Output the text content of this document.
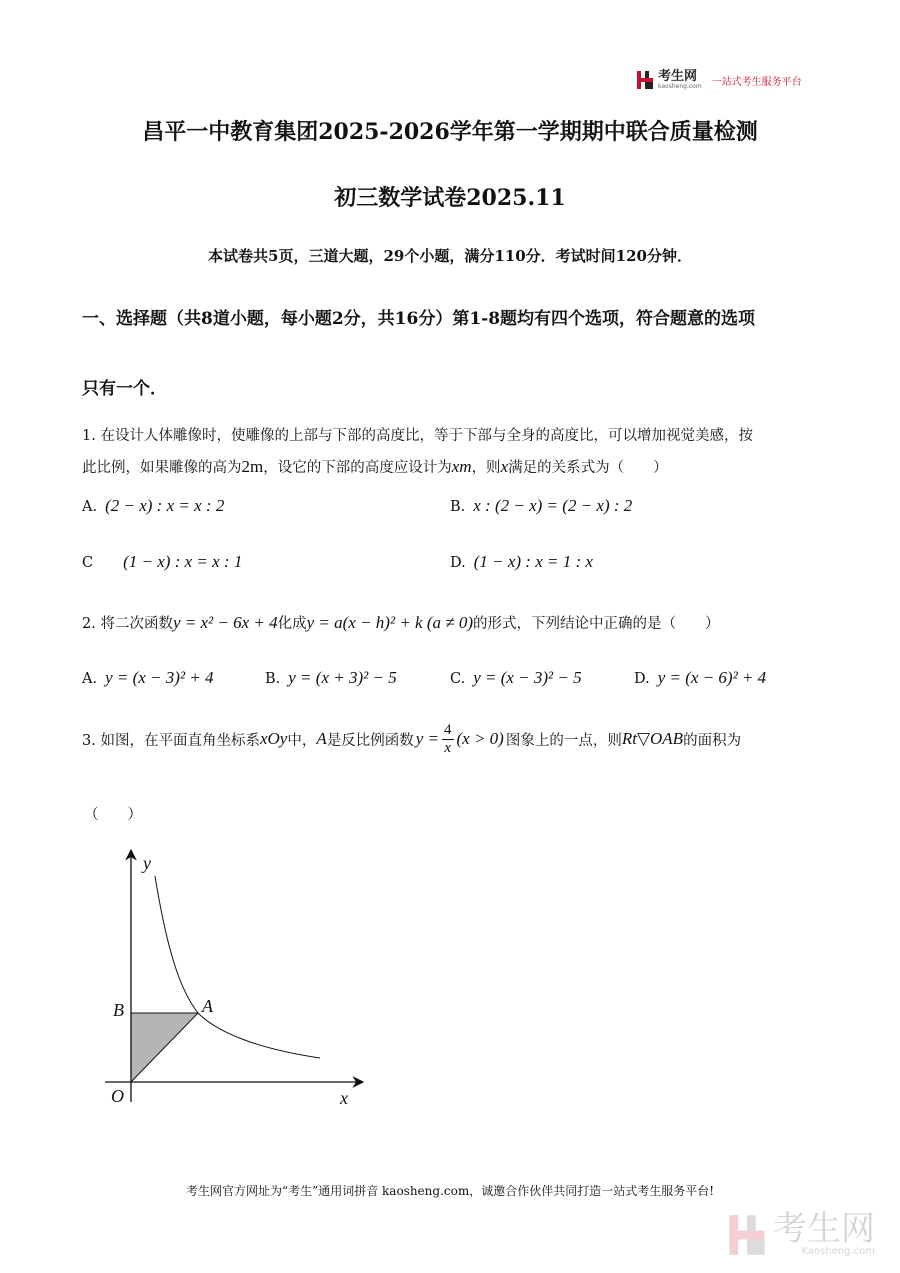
考生网
kaosheng.com 一站式考生服务平台
昌平一中教育集团2025-2026学年第一学期期中联合质量检测
初三数学试卷2025.11
本试卷共5页，三道大题，29个小题，满分110分．考试时间120分钟．
一、选择题（共8道小题，每小题2分，共16分）第1-8题均有四个选项，符合题意的选项
只有一个．
1. 在设计人体雕像时，使雕像的上部与下部的高度比，等于下部与全身的高度比，可以增加视觉美感，按
此比例，如果雕像的高为2m，设它的下部的高度应设计为xm，则x满足的关系式为（　　）
A. (2 − x) : x = x : 2	B. x : (2 − x) = (2 − x) : 2
C (1 − x) : x = x : 1	D. (1 − x) : x = 1 : x
2. 将二次函数y = x² − 6x + 4化成y = a(x − h)² + k (a ≠ 0)的形式，下列结论中正确的是（　　）
A. y = (x − 3)² + 4	B. y = (x + 3)² − 5	C. y = (x − 3)² − 5	D. y = (x − 6)² + 4
3. 如图，在平面直角坐标系 xOy 中， A 是反比例函数 $y = \frac{4}{x} (x > 0)$ 图象上的一点，则 Rt▽OAB 的面积为
（　　）
y
x
O
B	A
考生网官方网址为“考生”通用词拼音 kaosheng.com，诚邀合作伙伴共同打造一站式考生服务平台!
考生网
Kaosheng.com
